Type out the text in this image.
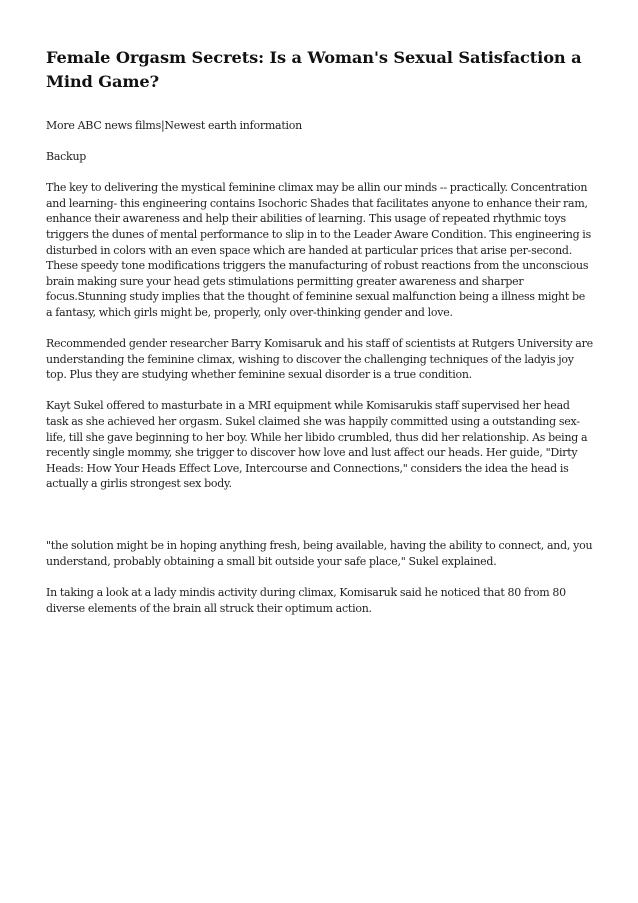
Female Orgasm Secrets: Is a Woman's Sexual Satisfaction a Mind Game?

More ABC news films|Newest earth information

Backup

The key to delivering the mystical feminine climax may be allin our minds -- practically. Concentration and learning- this engineering contains Isochoric Shades that facilitates anyone to enhance their ram, enhance their awareness and help their abilities of learning. This usage of repeated rhythmic toys triggers the dunes of mental performance to slip in to the Leader Aware Condition. This engineering is disturbed in colors with an even space which are handed at particular prices that arise per-second. These speedy tone modifications triggers the manufacturing of robust reactions from the unconscious brain making sure your head gets stimulations permitting greater awareness and sharper focus.Stunning study implies that the thought of feminine sexual malfunction being a illness might be a fantasy, which girls might be, properly, only over-thinking gender and love.

Recommended gender researcher Barry Komisaruk and his staff of scientists at Rutgers University are understanding the feminine climax, wishing to discover the challenging techniques of the ladyis joy top. Plus they are studying whether feminine sexual disorder is a true condition.

Kayt Sukel offered to masturbate in a MRI equipment while Komisarukis staff supervised her head task as she achieved her orgasm. Sukel claimed she was happily committed using a outstanding sex-life, till she gave beginning to her boy. While her libido crumbled, thus did her relationship. As being a recently single mommy, she trigger to discover how love and lust affect our heads. Her guide, "Dirty Heads: How Your Heads Effect Love, Intercourse and Connections," considers the idea the head is actually a girlis strongest sex body.

"the solution might be in hoping anything fresh, being available, having the ability to connect, and, you understand, probably obtaining a small bit outside your safe place," Sukel explained.

In taking a look at a lady mindis activity during climax, Komisaruk said he noticed that 80 from 80 diverse elements of the brain all struck their optimum action.
